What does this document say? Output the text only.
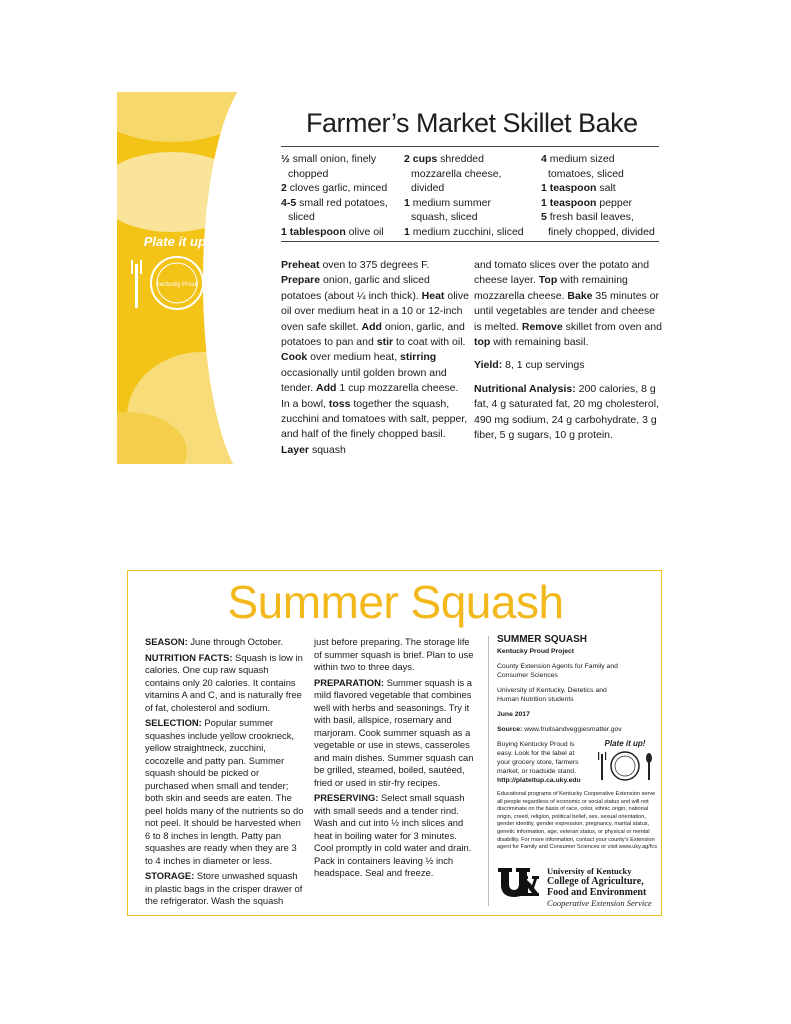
Plate it up!
Kentucky Proud
Farmer’s Market Skillet Bake
½ small onion, finely chopped
2 cloves garlic, minced
4-5 small red potatoes, sliced
1 tablespoon olive oil
2 cups shredded mozzarella cheese, divided
1 medium summer squash, sliced
1 medium zucchini, sliced
4 medium sized tomatoes, sliced
1 teaspoon salt
1 teaspoon pepper
5 fresh basil leaves, finely chopped, divided

Preheat oven to 375 degrees F. Prepare onion, garlic and sliced potatoes (about ¼ inch thick). Heat olive oil over medium heat in a 10 or 12-inch oven safe skillet. Add onion, garlic, and potatoes to pan and stir to coat with oil. Cook over medium heat, stirring occasionally until golden brown and tender. Add 1 cup mozzarella cheese. In a bowl, toss together the squash, zucchini and tomatoes with salt, pepper, and half of the finely chopped basil. Layer squash

and tomato slices over the potato and cheese layer. Top with remaining mozzarella cheese. Bake 35 minutes or until vegetables are tender and cheese is melted. Remove skillet from oven and top with remaining basil.

Yield: 8, 1 cup servings

Nutritional Analysis: 200 calories, 8 g fat, 4 g saturated fat, 20 mg cholesterol, 490 mg sodium, 24 g carbohydrate, 3 g fiber, 5 g sugars, 10 g protein.

Summer Squash

SEASON: June through October.

NUTRITION FACTS: Squash is low in calories. One cup raw squash contains only 20 calories. It contains vitamins A and C, and is naturally free of fat, cholesterol and sodium.

SELECTION: Popular summer squashes include yellow crookneck, yellow straightneck, zucchini, cocozelle and patty pan. Summer squash should be picked or purchased when small and tender; both skin and seeds are eaten. The peel holds many of the nutrients so do not peel. It should be harvested when 6 to 8 inches in length. Patty pan squashes are ready when they are 3 to 4 inches in diameter or less.

STORAGE: Store unwashed squash in plastic bags in the crisper drawer of the refrigerator. Wash the squash

just before preparing. The storage life of summer squash is brief. Plan to use within two to three days.

PREPARATION: Summer squash is a mild flavored vegetable that combines well with herbs and seasonings. Try it with basil, allspice, rosemary and marjoram. Cook summer squash as a vegetable or use in stews, casseroles and main dishes. Summer squash can be grilled, steamed, boiled, sautéed, fried or used in stir-fry recipes.

PRESERVING: Select small squash with small seeds and a tender rind. Wash and cut into ½ inch slices and heat in boiling water for 3 minutes. Cool promptly in cold water and drain. Pack in containers leaving ½ inch headspace. Seal and freeze.

SUMMER SQUASH

Kentucky Proud Project

County Extension Agents for Family and Consumer Sciences

University of Kentucky, Dietetics and Human Nutrition students

June 2017

Source: www.fruitsandveggiesmatter.gov

Buying Kentucky Proud is easy. Look for the label at your grocery store, farmers market, or roadside stand. http://plateitup.ca.uky.edu

Educational programs of Kentucky Cooperative Extension serve all people regardless of economic or social status and will not discriminate on the basis of race, color, ethnic origin, national origin, creed, religion, political belief, sex, sexual orientation, gender identity, gender expression, pregnancy, marital status, genetic information, age, veteran status, or physical or mental disability. For more information, contact your county’s Extension agent for Family and Consumer Sciences or visit www.uky.ag/fcs

Plate it up!
University of Kentucky
College of Agriculture,
Food and Environment
Cooperative Extension Service
